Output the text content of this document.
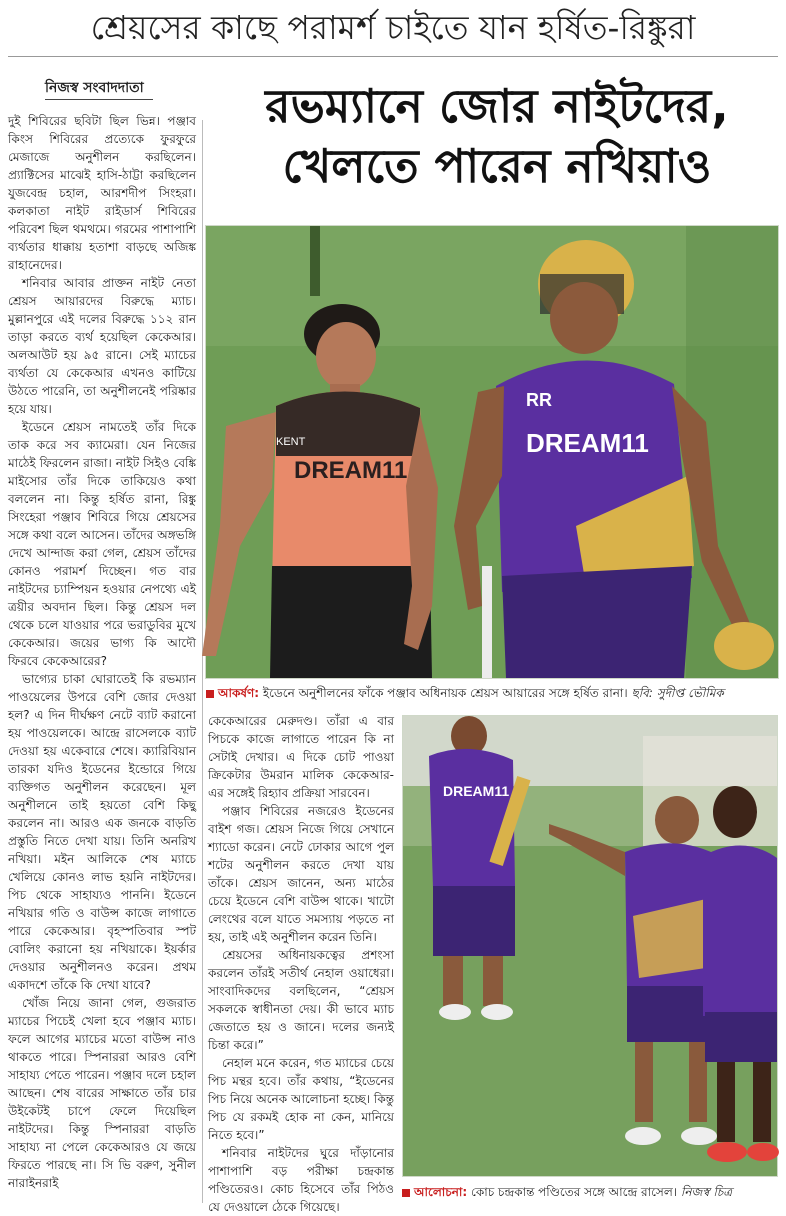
শ্রেয়সের কাছে পরামর্শ চাইতে যান হর্ষিত-রিঙ্কুরা
নিজস্ব সংবাদদাতা	রভম্যানে জোর নাইটদের,
খেলতে পারেন নখিয়াও

দুই শিবিরের ছবিটা ছিল ভিন্ন। পঞ্জাব কিংস শিবিরের প্রত্যেকে ফুরফুরে মেজাজে অনুশীলন করছিলেন। প্র্যাক্টিসের মাঝেই হাসি-ঠাট্টা করছিলেন যুজবেন্দ্র চহাল, আরশদীপ সিংহরা। কলকাতা নাইট রাইডার্স শিবিরের পরিবেশ ছিল থমথমে। গরমের পাশাপাশি ব্যর্থতার ধাক্কায় হতাশা বাড়ছে অজিঙ্ক রাহানেদের।

শনিবার আবার প্রাক্তন নাইট নেতা শ্রেয়স আয়ারদের বিরুদ্ধে ম্যাচ। মুল্লানপুরে এই দলের বিরুদ্ধে ১১২ রান তাড়া করতে ব্যর্থ হয়েছিল কেকেআর। অলআউট হয় ৯৫ রানে। সেই ম্যাচের ব্যর্থতা যে কেকেআর এখনও কাটিয়ে উঠতে পারেনি, তা অনুশীলনেই পরিষ্কার হয়ে যায়।

ইডেনে শ্রেয়স নামতেই তাঁর দিকে তাক করে সব ক্যামেরা। যেন নিজের মাঠেই ফিরলেন রাজা। নাইট সিইও বেঙ্কি মাইসোর তাঁর দিকে তাকিয়েও কথা বললেন না। কিন্তু হর্ষিত রানা, রিঙ্কু সিংহেরা পঞ্জাব শিবিরে গিয়ে শ্রেয়সের সঙ্গে কথা বলে আসেন। তাঁদের অঙ্গভঙ্গি দেখে আন্দাজ করা গেল, শ্রেয়স তাঁদের কোনও পরামর্শ দিচ্ছেন। গত বার নাইটদের চ্যাম্পিয়ন হওয়ার নেপথ্যে এই ত্রয়ীর অবদান ছিল। কিন্তু শ্রেয়স দল থেকে চলে যাওয়ার পরে ভরাডুবির মুখে কেকেআর। জয়ের ভাগ্য কি আদৌ ফিরবে কেকেআরের?

ভাগ্যের চাকা ঘোরাতেই কি রভম্যান পাওয়েলের উপরে বেশি জোর দেওয়া হল? এ দিন দীর্ঘক্ষণ নেটে ব্যাট করানো হয় পাওয়েলকে। আন্দ্রে রাসেলকে ব্যাট দেওয়া হয় একেবারে শেষে। ক্যারিবিয়ান তারকা যদিও ইডেনের ইন্ডোরে গিয়ে ব্যক্তিগত অনুশীলন করেছেন। মূল অনুশীলনে তাই হয়তো বেশি কিছু করলেন না। আরও এক জনকে বাড়তি প্রস্তুতি নিতে দেখা যায়। তিনি অনরিখ নখিয়া। মইন আলিকে শেষ ম্যাচে খেলিয়ে কোনও লাভ হয়নি নাইটদের। পিচ থেকে সাহায্যও পাননি। ইডেনে নখিয়ার গতি ও বাউন্স কাজে লাগাতে পারে কেকেআর। বৃহস্পতিবার স্পট বোলিং করানো হয় নখিয়াকে। ইয়র্কার দেওয়ার অনুশীলনও করেন। প্রথম একাদশে তাঁকে কি দেখা যাবে?

খোঁজ নিয়ে জানা গেল, গুজরাত ম্যাচের পিচেই খেলা হবে পঞ্জাব ম্যাচ। ফলে আগের ম্যাচের মতো বাউন্স নাও থাকতে পারে। স্পিনাররা আরও বেশি সাহায্য পেতে পারেন। পঞ্জাব দলে চহাল আছেন। শেষ বারের সাক্ষাতে তাঁর চার উইকেটই চাপে ফেলে দিয়েছিল নাইটদের। কিন্তু স্পিনাররা বাড়তি সাহায্য না পেলে কেকেআরও যে জয়ে ফিরতে পারছে না। সি ভি বরুণ, সুনীল নারাইনরাই

KENT
DREAM11
RR
DREAM11
আকর্ষণ: ইডেনে অনুশীলনের ফাঁকে পঞ্জাব অধিনায়ক শ্রেয়স আয়ারের সঙ্গে হর্ষিত রানা। ছবি: সুদীপ্ত ভৌমিক

কেকেআরের মেরুদণ্ড। তাঁরা এ বার পিচকে কাজে লাগাতে পারেন কি না সেটাই দেখার। এ দিকে চোট পাওয়া ক্রিকেটার উমরান মালিক কেকেআর-এর সঙ্গেই রিহ্যাব প্রক্রিয়া সারবেন।

পঞ্জাব শিবিরের নজরেও ইডেনের বাইশ গজ। শ্রেয়স নিজে গিয়ে সেখানে শ্যাডো করেন। নেটে ঢোকার আগে পুল শটের অনুশীলন করতে দেখা যায় তাঁকে। শ্রেয়স জানেন, অন্য মাঠের চেয়ে ইডেনে বেশি বাউন্স থাকে। খাটো লেংথের বলে যাতে সমস্যায় পড়তে না হয়, তাই এই অনুশীলন করেন তিনি।

শ্রেয়সের অধিনায়কত্বের প্রশংসা করলেন তাঁরই সতীর্থ নেহাল ওয়াধেরা। সাংবাদিকদের বলছিলেন, “শ্রেয়স সকলকে স্বাধীনতা দেয়। কী ভাবে ম্যাচ জেতাতে হয় ও জানে। দলের জন্যই চিন্তা করে।”

নেহাল মনে করেন, গত ম্যাচের চেয়ে পিচ মন্থর হবে। তাঁর কথায়, “ইডেনের পিচ নিয়ে অনেক আলোচনা হচ্ছে। কিন্তু পিচ যে রকমই হোক না কেন, মানিয়ে নিতে হবে।”

শনিবার নাইটদের ঘুরে দাঁড়ানোর পাশাপাশি বড় পরীক্ষা চন্দ্রকান্ত পণ্ডিতেরও। কোচ হিসেবে তাঁর পিঠও যে দেওয়ালে ঠেকে গিয়েছে।

DREAM11
আলোচনা: কোচ চন্দ্রকান্ত পণ্ডিতের সঙ্গে আন্দ্রে রাসেল। নিজস্ব চিত্র
